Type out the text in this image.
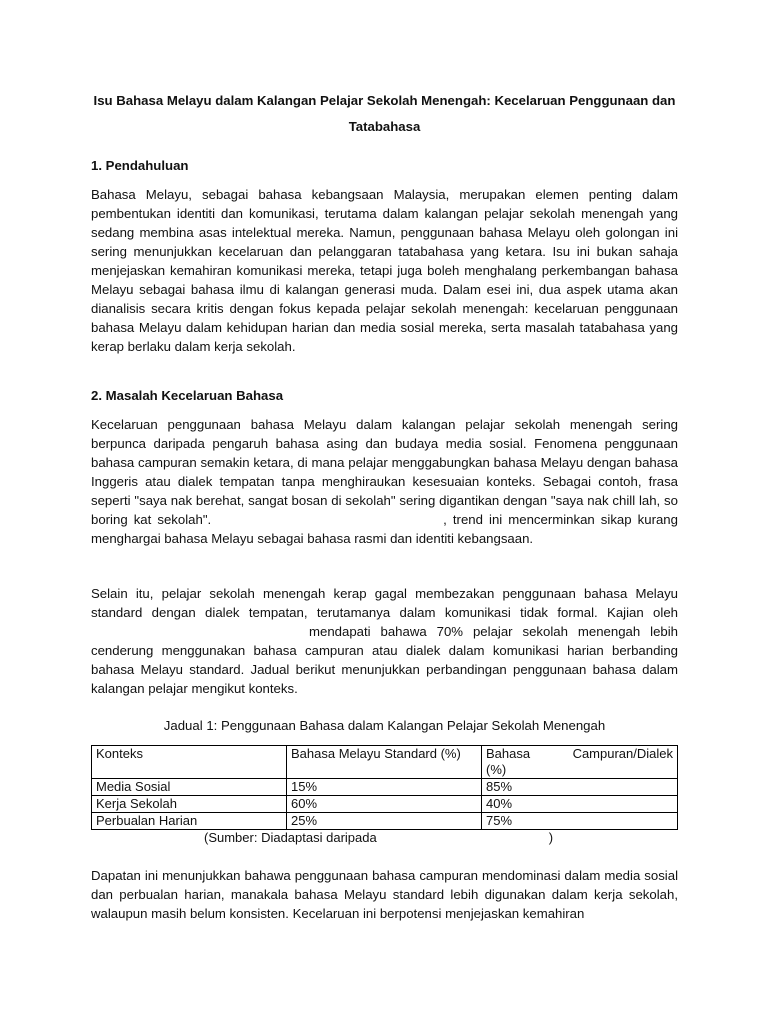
Isu Bahasa Melayu dalam Kalangan Pelajar Sekolah Menengah: Kecelaruan Penggunaan dan Tatabahasa
1. Pendahuluan

Bahasa Melayu, sebagai bahasa kebangsaan Malaysia, merupakan elemen penting dalam pembentukan identiti dan komunikasi, terutama dalam kalangan pelajar sekolah menengah yang sedang membina asas intelektual mereka. Namun, penggunaan bahasa Melayu oleh golongan ini sering menunjukkan kecelaruan dan pelanggaran tatabahasa yang ketara. Isu ini bukan sahaja menjejaskan kemahiran komunikasi mereka, tetapi juga boleh menghalang perkembangan bahasa Melayu sebagai bahasa ilmu di kalangan generasi muda. Dalam esei ini, dua aspek utama akan dianalisis secara kritis dengan fokus kepada pelajar sekolah menengah: kecelaruan penggunaan bahasa Melayu dalam kehidupan harian dan media sosial mereka, serta masalah tatabahasa yang kerap berlaku dalam kerja sekolah.

2. Masalah Kecelaruan Bahasa

Kecelaruan penggunaan bahasa Melayu dalam kalangan pelajar sekolah menengah sering berpunca daripada pengaruh bahasa asing dan budaya media sosial. Fenomena penggunaan bahasa campuran semakin ketara, di mana pelajar menggabungkan bahasa Melayu dengan bahasa Inggeris atau dialek tempatan tanpa menghiraukan kesesuaian konteks. Sebagai contoh, frasa seperti "saya nak berehat, sangat bosan di sekolah" sering digantikan dengan "saya nak chill lah, so boring kat sekolah".	, trend ini mencerminkan sikap kurang menghargai bahasa Melayu sebagai bahasa rasmi dan identiti kebangsaan.

Selain itu, pelajar sekolah menengah kerap gagal membezakan penggunaan bahasa Melayu standard dengan dialek tempatan, terutamanya dalam komunikasi tidak formal. Kajian olehmendapati bahawa 70% pelajar sekolah menengah lebih cenderung menggunakan bahasa campuran atau dialek dalam komunikasi harian berbanding bahasa Melayu standard. Jadual berikut menunjukkan perbandingan penggunaan bahasa dalam kalangan pelajar mengikut konteks.

Jadual 1: Penggunaan Bahasa dalam Kalangan Pelajar Sekolah Menengah
Konteks	Bahasa Melayu Standard (%)	Bahasa Campuran/Dialek
(%)

Media Sosial	15%	85%
Kerja Sekolah	60%	40%
Perbualan Harian	25%	75%
(Sumber: Diadaptasi daripada	)

Dapatan ini menunjukkan bahawa penggunaan bahasa campuran mendominasi dalam media sosial dan perbualan harian, manakala bahasa Melayu standard lebih digunakan dalam kerja sekolah, walaupun masih belum konsisten. Kecelaruan ini berpotensi menjejaskan kemahiran
